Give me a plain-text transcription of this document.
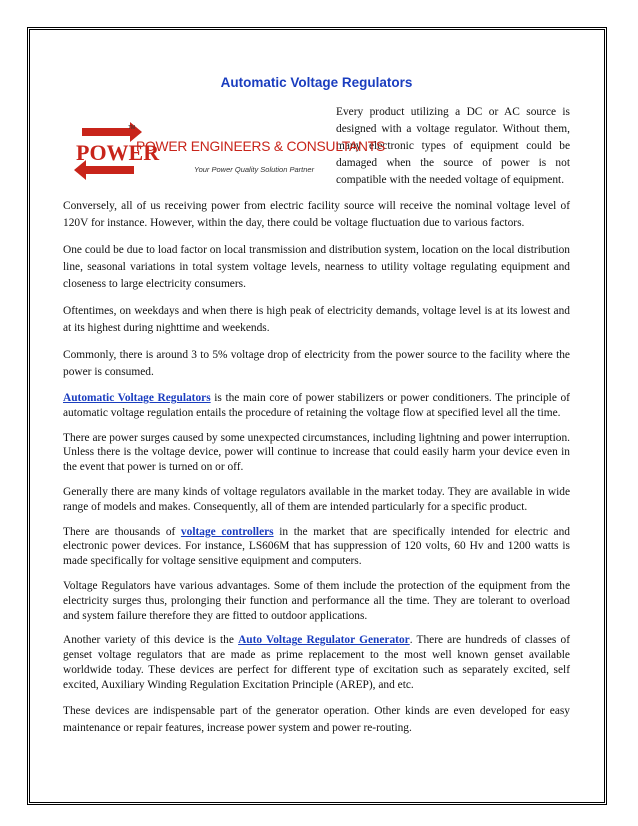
Automatic Voltage Regulators
POWER
TM
POWER ENGINEERS & CONSULTANTS
Your Power Quality Solution Partner
Every product utilizing a DC or AC source is designed with a voltage regulator. Without them, many electronic types of equipment could be damaged when the source of power is not compatible with the needed voltage of equipment.

Conversely, all of us receiving power from electric facility source will receive the nominal voltage level of 120V for instance. However, within the day, there could be voltage fluctuation due to various factors.

One could be due to load factor on local transmission and distribution system, location on the local distribution line, seasonal variations in total system voltage levels, nearness to utility voltage regulating equipment and closeness to large electricity consumers.

Oftentimes, on weekdays and when there is high peak of electricity demands, voltage level is at its lowest and at its highest during nighttime and weekends.

Commonly, there is around 3 to 5% voltage drop of electricity from the power source to the facility where the power is consumed.

Automatic Voltage Regulators is the main core of power stabilizers or power conditioners. The principle of automatic voltage regulation entails the procedure of retaining the voltage flow at specified level all the time.

There are power surges caused by some unexpected circumstances, including lightning and power interruption. Unless there is the voltage device, power will continue to increase that could easily harm your device even in the event that power is turned on or off.

Generally there are many kinds of voltage regulators available in the market today. They are available in wide range of models and makes. Consequently, all of them are intended particularly for a specific product.

There are thousands of voltage controllers in the market that are specifically intended for electric and electronic power devices. For instance, LS606M that has suppression of 120 volts, 60 Hv and 1200 watts is made specifically for voltage sensitive equipment and computers.

Voltage Regulators have various advantages. Some of them include the protection of the equipment from the electricity surges thus, prolonging their function and performance all the time. They are tolerant to overload and system failure therefore they are fitted to outdoor applications.

Another variety of this device is the Auto Voltage Regulator Generator. There are hundreds of classes of genset voltage regulators that are made as prime replacement to the most well known genset available worldwide today. These devices are perfect for different type of excitation such as separately excited, self excited, Auxiliary Winding Regulation Excitation Principle (AREP), and etc.

These devices are indispensable part of the generator operation. Other kinds are even developed for easy maintenance or repair features, increase power system and power re-routing.
